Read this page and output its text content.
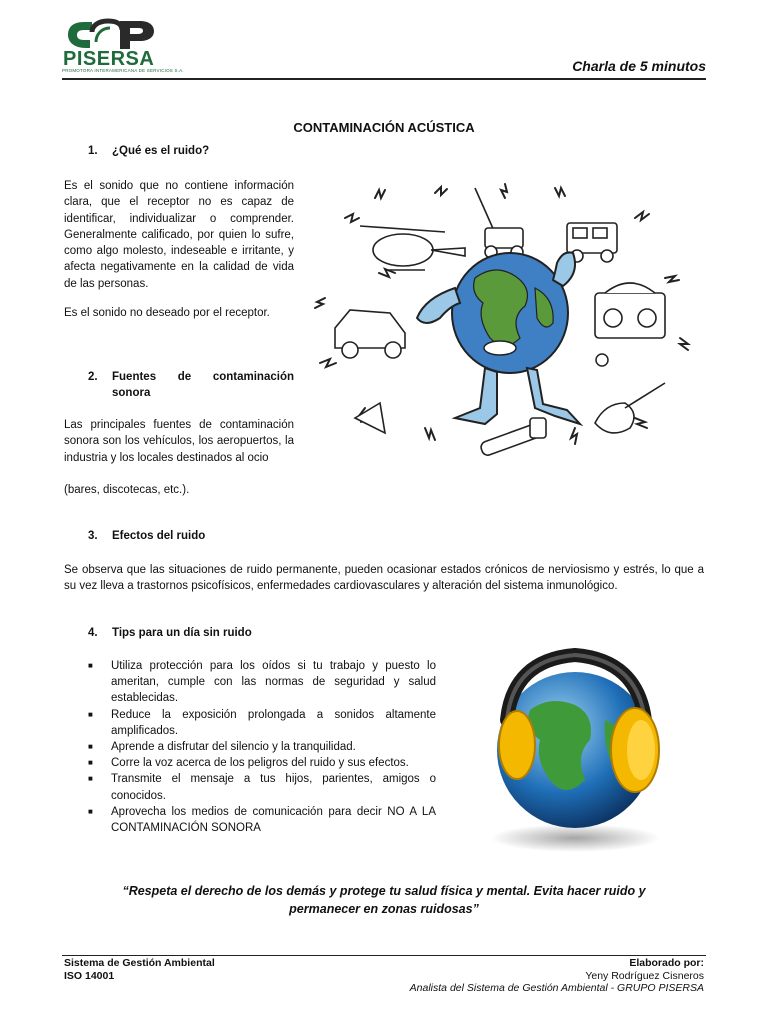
PISERSA
PROMOTORA INTERAMERICANA DE SERVICIOS S.A.	Charla de 5 minutos
CONTAMINACIÓN ACÚSTICA
1. ¿Qué es el ruido?
Es el sonido que no contiene información clara, que el receptor no es capaz de identificar, individualizar o comprender. Generalmente calificado, por quien lo sufre, como algo molesto, indeseable e irritante, y afecta negativamente en la calidad de vida de las personas.
Es el sonido no deseado por el receptor.
2.	Fuentes de contaminación sonora
Las principales fuentes de contaminación sonora son los vehículos, los aeropuertos, la industria y los locales destinados al ocio
(bares, discotecas, etc.).
3. Efectos del ruido
Se observa que las situaciones de ruido permanente, pueden ocasionar estados crónicos de nerviosismo y estrés, lo que a su vez lleva a trastornos psicofísicos, enfermedades cardiovasculares y alteración del sistema inmunológico.
4. Tips para un día sin ruido
■ Utiliza protección para los oídos si tu trabajo y puesto lo ameritan, cumple con las normas de seguridad y salud establecidas.
■ Reduce la exposición prolongada a sonidos altamente amplificados.
■ Aprende a disfrutar del silencio y la tranquilidad.
■ Corre la voz acerca de los peligros del ruido y sus efectos.
■ Transmite el mensaje a tus hijos, parientes, amigos o conocidos.
■ Aprovecha los medios de comunicación para decir NO A LA CONTAMINACIÓN SONORA
“Respeta el derecho de los demás y protege tu salud física y mental. Evita hacer ruido y permanecer en zonas ruidosas”
Sistema de Gestión Ambiental
ISO 14001
Elaborado por:
Yeny Rodríguez Cisneros
Analista del Sistema de Gestión Ambiental - GRUPO PISERSA
